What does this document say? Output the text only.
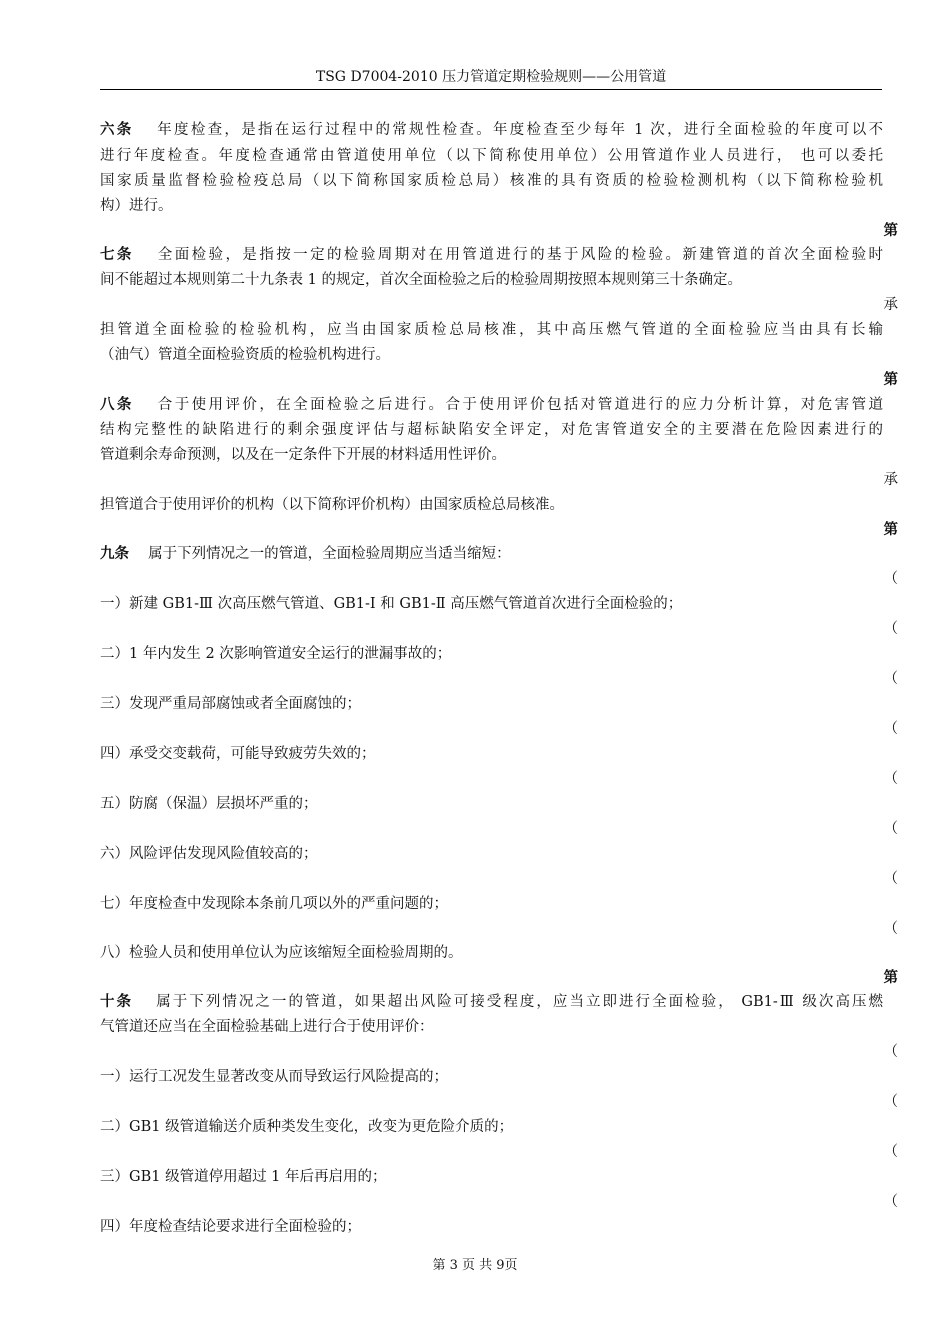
TSG D7004-2010 压力管道定期检验规则——公用管道
六条　 年度检查，是指在运行过程中的常规性检查。年度检查至少每年 1 次，进行全面检验的年度可以不
进行年度检查。年度检查通常由管道使用单位（以下简称使用单位）公用管道作业人员进行， 也可以委托
国家质量监督检验检疫总局（以下简称国家质检总局）核准的具有资质的检验检测机构（以下简称检验机
构）进行。
第
七条　 全面检验，是指按一定的检验周期对在用管道进行的基于风险的检验。新建管道的首次全面检验时
间不能超过本规则第二十九条表 1 的规定，首次全面检验之后的检验周期按照本规则第三十条确定。
承
担管道全面检验的检验机构，应当由国家质检总局核准，其中高压燃气管道的全面检验应当由具有长输
（油气）管道全面检验资质的检验机构进行。
第
八条　 合于使用评价，在全面检验之后进行。合于使用评价包括对管道进行的应力分析计算，对危害管道
结构完整性的缺陷进行的剩余强度评估与超标缺陷安全评定，对危害管道安全的主要潜在危险因素进行的
管道剩余寿命预测，以及在一定条件下开展的材料适用性评价。
承
担管道合于使用评价的机构（以下简称评价机构）由国家质检总局核准。
第
九条　 属于下列情况之一的管道，全面检验周期应当适当缩短：
（
一）新建 GB1-Ⅲ 次高压燃气管道、GB1-Ⅰ 和 GB1-Ⅱ 高压燃气管道首次进行全面检验的；
（
二）1 年内发生 2 次影响管道安全运行的泄漏事故的；
（
三）发现严重局部腐蚀或者全面腐蚀的；
（
四）承受交变载荷，可能导致疲劳失效的；
（
五）防腐（保温）层损坏严重的；
（
六）风险评估发现风险值较高的；
（
七）年度检查中发现除本条前几项以外的严重问题的；
（
八）检验人员和使用单位认为应该缩短全面检验周期的。
第
十条　 属于下列情况之一的管道，如果超出风险可接受程度，应当立即进行全面检验， GB1-Ⅲ 级次高压燃
气管道还应当在全面检验基础上进行合于使用评价：
（
一）运行工况发生显著改变从而导致运行风险提高的；
（
二）GB1 级管道输送介质种类发生变化，改变为更危险介质的；
（
三）GB1 级管道停用超过 1 年后再启用的；
（
四）年度检查结论要求进行全面检验的；
第 3 页 共 9页
